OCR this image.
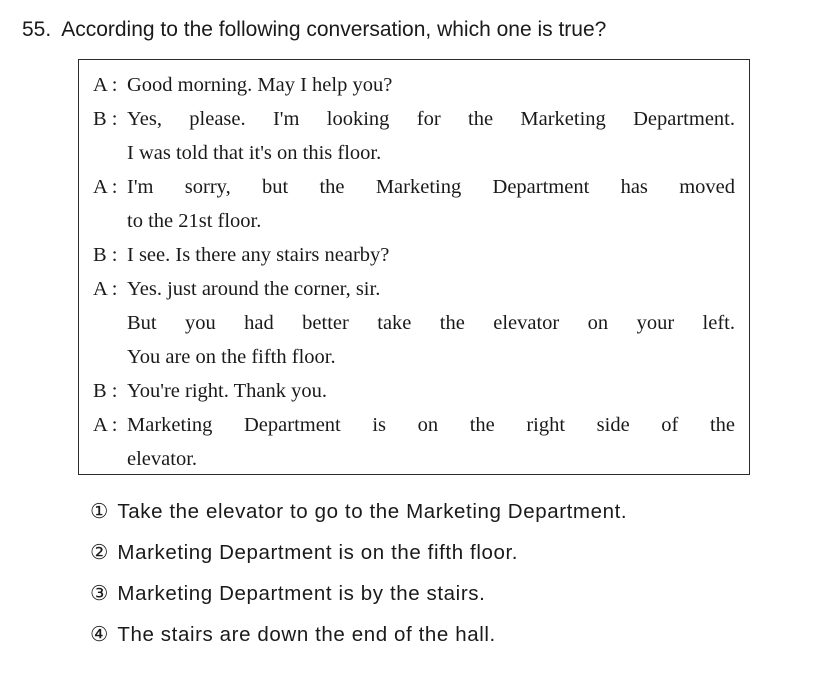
55. According to the following conversation, which one is true?
A : Good morning. May I help you?
B : Yes, please. I'm looking for the Marketing Department.
I was told that it's on this floor.
A : I'm sorry, but the Marketing Department has moved
to the 21st floor.
B : I see. Is there any stairs nearby?
A : Yes. just around the corner, sir.
But you had better take the elevator on your left.
You are on the fifth floor.
B : You're right. Thank you.
A : Marketing Department is on the right side of the
elevator.
① Take the elevator to go to the Marketing Department.
② Marketing Department is on the fifth floor.
③ Marketing Department is by the stairs.
④ The stairs are down the end of the hall.
